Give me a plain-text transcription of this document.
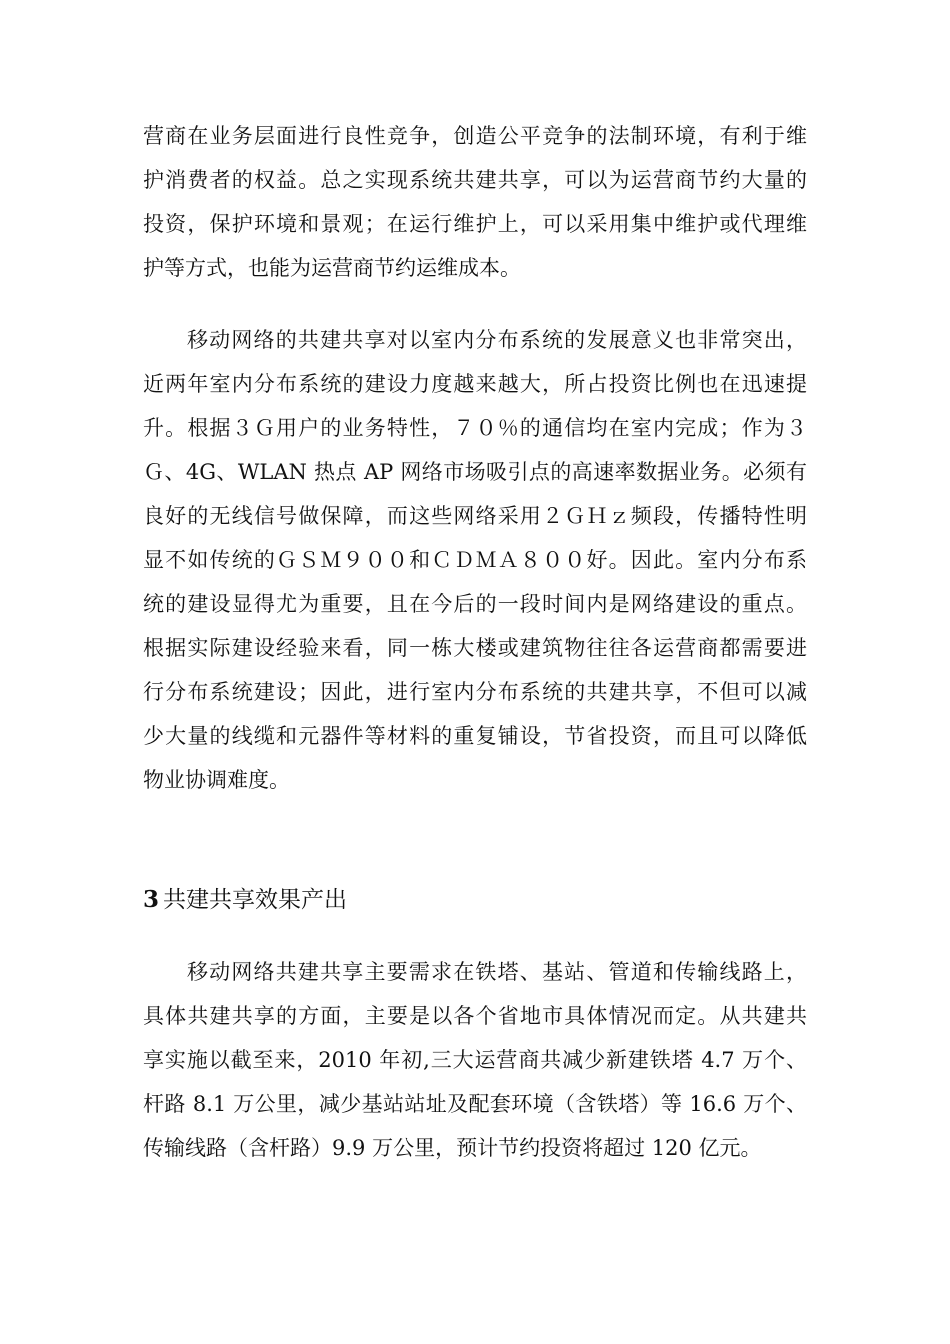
营商在业务层面进行良性竞争，创造公平竞争的法制环境，有利于维
护消费者的权益。总之实现系统共建共享，可以为运营商节约大量的
投资，保护环境和景观；在运行维护上，可以采用集中维护或代理维
护等方式，也能为运营商节约运维成本。
移动网络的共建共享对以室内分布系统的发展意义也非常突出，
近两年室内分布系统的建设力度越来越大，所占投资比例也在迅速提
升。根据３Ｇ用户的业务特性，７０％的通信均在室内完成；作为３
Ｇ、4G、WLAN 热点 AP 网络市场吸引点的高速率数据业务。必须有
良好的无线信号做保障，而这些网络采用２ＧＨｚ频段，传播特性明
显不如传统的ＧＳＭ９００和ＣＤＭＡ８００好。因此。室内分布系
统的建设显得尤为重要，且在今后的一段时间内是网络建设的重点。
根据实际建设经验来看，同一栋大楼或建筑物往往各运营商都需要进
行分布系统建设；因此，进行室内分布系统的共建共享，不但可以减
少大量的线缆和元器件等材料的重复铺设，节省投资，而且可以降低
物业协调难度。
3 共建共享效果产出
移动网络共建共享主要需求在铁塔、基站、管道和传输线路上，
具体共建共享的方面，主要是以各个省地市具体情况而定。从共建共
享实施以截至来，2010 年初,三大运营商共减少新建铁塔 4.7 万个、
杆路 8.1 万公里，减少基站站址及配套环境（含铁塔）等 16.6 万个、
传输线路（含杆路）9.9 万公里，预计节约投资将超过 120 亿元。
